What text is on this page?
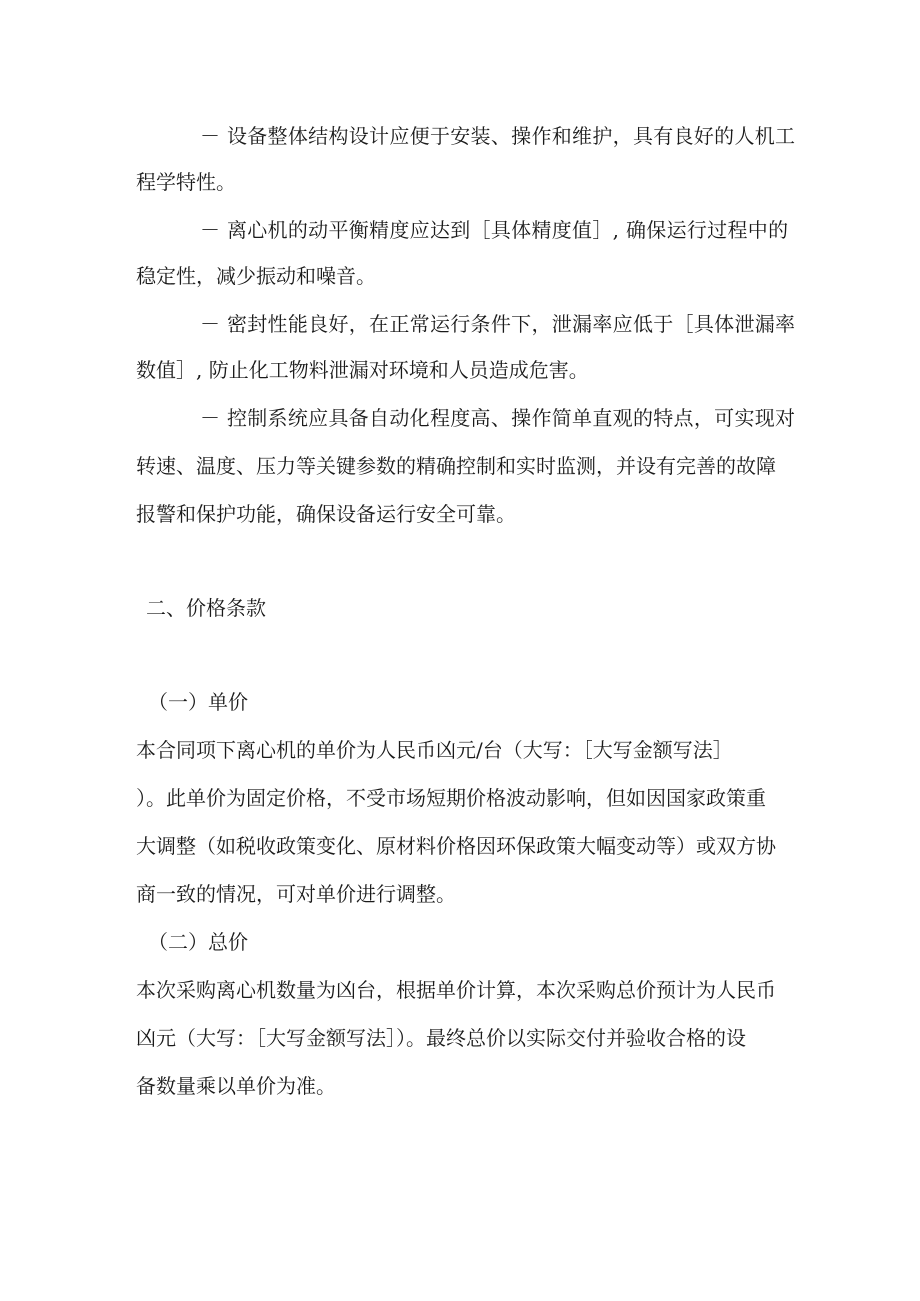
－ 设备整体结构设计应便于安装、操作和维护，具有良好的人机工
程学特性。
－ 离心机的动平衡精度应达到［具体精度值］, 确保运行过程中的
稳定性，减少振动和噪音。
－ 密封性能良好，在正常运行条件下，泄漏率应低于［具体泄漏率
数值］, 防止化工物料泄漏对环境和人员造成危害。
－ 控制系统应具备自动化程度高、操作简单直观的特点，可实现对
转速、温度、压力等关键参数的精确控制和实时监测，并设有完善的故障
报警和保护功能，确保设备运行安全可靠。
二、价格条款
（一）单价
本合同项下离心机的单价为人民币凶元/台（大写：［大写金额写法］
）。此单价为固定价格，不受市场短期价格波动影响，但如因国家政策重
大调整（如税收政策变化、原材料价格因环保政策大幅变动等）或双方协
商一致的情况，可对单价进行调整。
（二）总价
本次采购离心机数量为凶台，根据单价计算，本次采购总价预计为人民币
凶元（大写：［大写金额写法］）。最终总价以实际交付并验收合格的设
备数量乘以单价为准。
